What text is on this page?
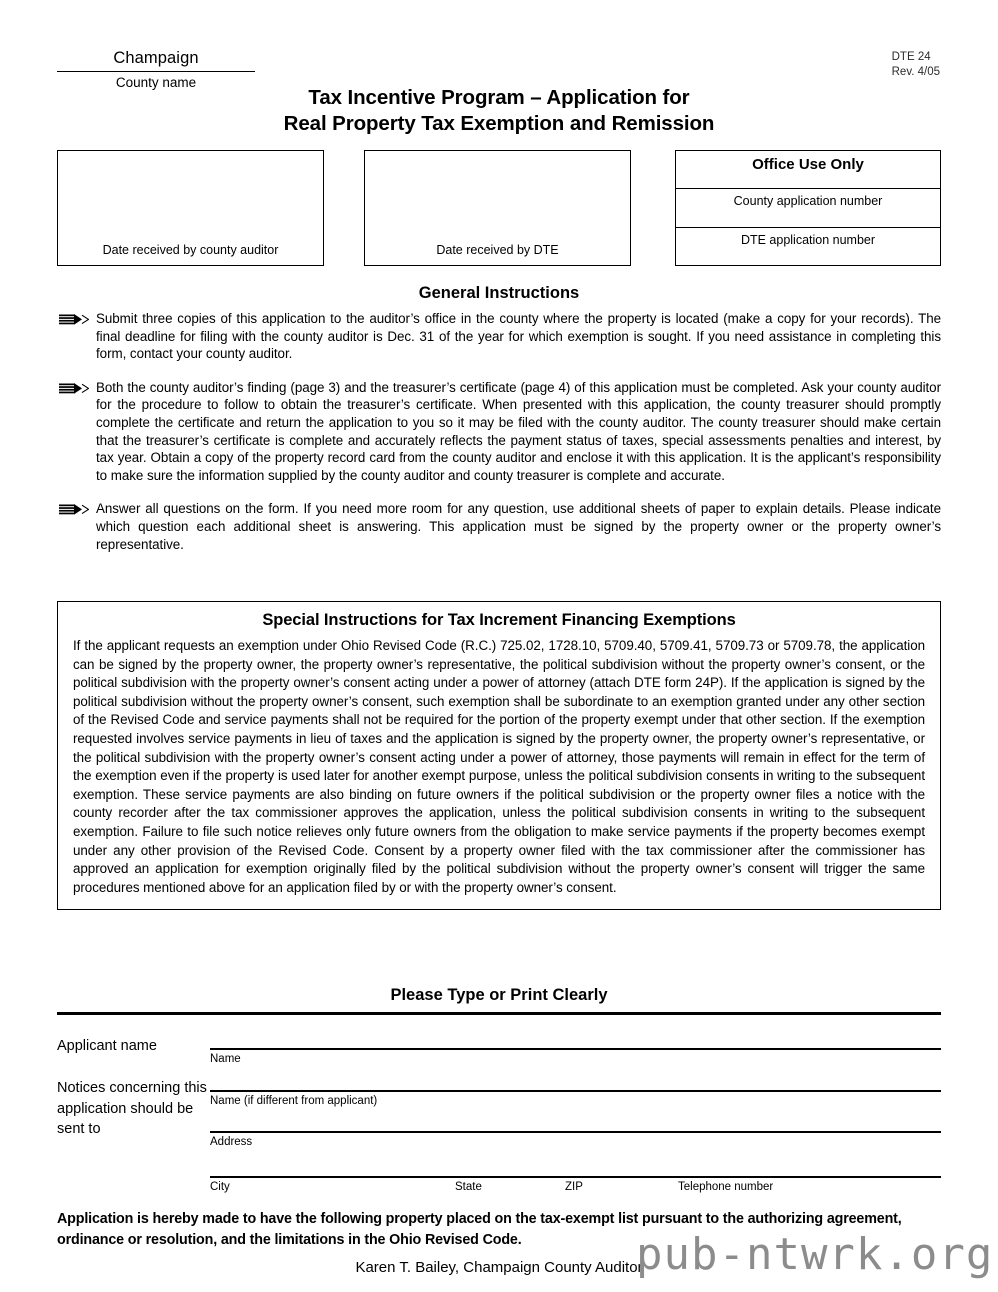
Champaign
County name
DTE 24
Rev. 4/05
Tax Incentive Program – Application for
Real Property Tax Exemption and Remission
Date received by county auditor	Date received by DTE
Office Use Only
County application number
DTE application number
General Instructions

Submit three copies of this application to the auditor’s office in the county where the property is located (make a copy for your records). The final deadline for filing with the county auditor is Dec. 31 of the year for which exemption is sought. If you need assistance in completing this form, contact your county auditor.

Both the county auditor’s finding (page 3) and the treasurer’s certificate (page 4) of this application must be completed. Ask your county auditor for the procedure to follow to obtain the treasurer’s certificate. When presented with this application, the county treasurer should promptly complete the certificate and return the application to you so it may be filed with the county auditor. The county treasurer should make certain that the treasurer’s certificate is complete and accurately reflects the payment status of taxes, special assessments penalties and interest, by tax year. Obtain a copy of the property record card from the county auditor and enclose it with this application. It is the applicant’s responsibility to make sure the information supplied by the county auditor and county treasurer is complete and accurate.

Answer all questions on the form. If you need more room for any question, use additional sheets of paper to explain details. Please indicate which question each additional sheet is answering. This application must be signed by the property owner or the property owner’s representative.

Special Instructions for Tax Increment Financing Exemptions

If the applicant requests an exemption under Ohio Revised Code (R.C.) 725.02, 1728.10, 5709.40, 5709.41, 5709.73 or 5709.78, the application can be signed by the property owner, the property owner’s representative, the political subdivision without the property owner’s consent, or the political subdivision with the property owner’s consent acting under a power of attorney (attach DTE form 24P). If the application is signed by the political subdivision without the property owner’s consent, such exemption shall be subordinate to an exemption granted under any other section of the Revised Code and service payments shall not be required for the portion of the property exempt under that other section. If the exemption requested involves service payments in lieu of taxes and the application is signed by the property owner, the property owner’s representative, or the political subdivision with the property owner’s consent acting under a power of attorney, those payments will remain in effect for the term of the exemption even if the property is used later for another exempt purpose, unless the political subdivision consents in writing to the subsequent exemption. These service payments are also binding on future owners if the political subdivision or the property owner files a notice with the county recorder after the tax commissioner approves the application, unless the political subdivision consents in writing to the subsequent exemption. Failure to file such notice relieves only future owners from the obligation to make service payments if the property becomes exempt under any other provision of the Revised Code. Consent by a property owner filed with the tax commissioner after the commissioner has approved an application for exemption originally filed by the political subdivision without the property owner’s consent will trigger the same procedures mentioned above for an application filed by or with the property owner’s consent.

Please Type or Print Clearly
Applicant name
Notices concerning this application should be sent to
Name
Name (if different from applicant)
Address
City	State	ZIP	Telephone number
Application is hereby made to have the following property placed on the tax-exempt list pursuant to the authorizing agreement, ordinance or resolution, and the limitations in the Ohio Revised Code.
Karen T. Bailey, Champaign County Auditor
pub-ntwrk.org
